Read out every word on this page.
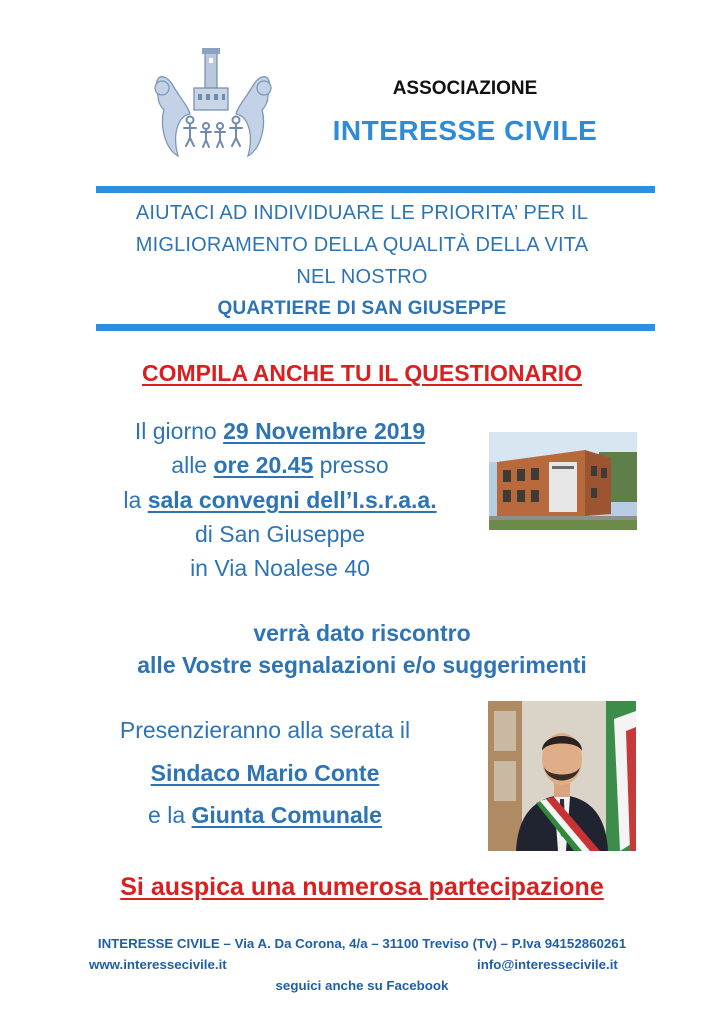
ASSOCIAZIONE
INTERESSE CIVILE
AIUTACI AD INDIVIDUARE LE PRIORITA’ PER IL
MIGLIORAMENTO DELLA QUALITÀ DELLA VITA
NEL NOSTRO
QUARTIERE DI SAN GIUSEPPE
COMPILA ANCHE TU IL QUESTIONARIO
Il giorno 29 Novembre 2019
alle ore 20.45 presso
la sala convegni dell’I.s.r.a.a.
di San Giuseppe
in Via Noalese 40
verrà dato riscontro
alle Vostre segnalazioni e/o suggerimenti
Presenzieranno alla serata il
Sindaco Mario Conte
e la Giunta Comunale
Si auspica una numerosa partecipazione
INTERESSE CIVILE – Via A. Da Corona, 4/a – 31100 Treviso (Tv) – P.Iva 94152860261
www.interessecivile.it	info@interessecivile.it
seguici anche su Facebook
